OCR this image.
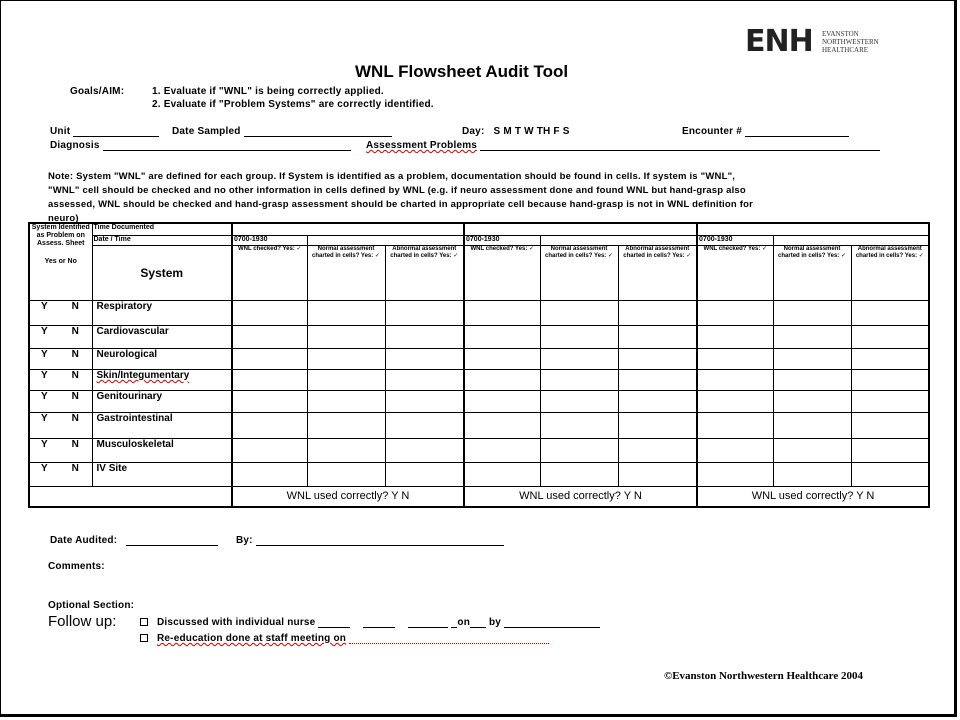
ENH EVANSTON
NORTHWESTERN
HEALTHCARE
WNL Flowsheet Audit Tool
Goals/AIM:	1. Evaluate if "WNL" is being correctly applied.
2. Evaluate if "Problem Systems" are correctly identified.
Unit	Date Sampled	Day: S M T W TH F S	Encounter #
Diagnosis	Assessment Problems
Note: System "WNL" are defined for each group. If System is identified as a problem, documentation should be found in cells. If system is "WNL",
"WNL" cell should be checked and no other information in cells defined by WNL (e.g. if neuro assessment done and found WNL but hand-grasp also
assessed, WNL should be checked and hand-grasp assessment should be charted in appropriate cell because hand-grasp is not in WNL definition for
neuro)
System Identified as Problem on Assess. Sheet
Yes or No	Time Documented									
	Date / Time	0700-1930			0700-1930			0700-1930		
	System	WNL checked? Yes: ✓	Normal assessment charted in cells? Yes: ✓	Abnormal assessment charted in cells? Yes: ✓	WNL checked? Yes: ✓	Normal assessment charted in cells? Yes: ✓	Abnormal assessment charted in cells? Yes: ✓	WNL checked? Yes: ✓	Normal assessment charted in cells? Yes: ✓	Abnormal assessment charted in cells? Yes: ✓
Y N	Respiratory									
Y N	Cardiovascular									
Y N	Neurological									
Y N	Skin/Integumentary									
Y N	Genitourinary									
Y N	Gastrointestinal									
Y N	Musculoskeletal									
Y N	IV Site									
		WNL used correctly? Y N			WNL used correctly? Y N			WNL used correctly? Y N		
Date Audited:	By:
Comments:
Optional Section:
Follow up:	Discussed with individual nurse	on by
Re-education done at staff meeting on
©Evanston Northwestern Healthcare 2004
